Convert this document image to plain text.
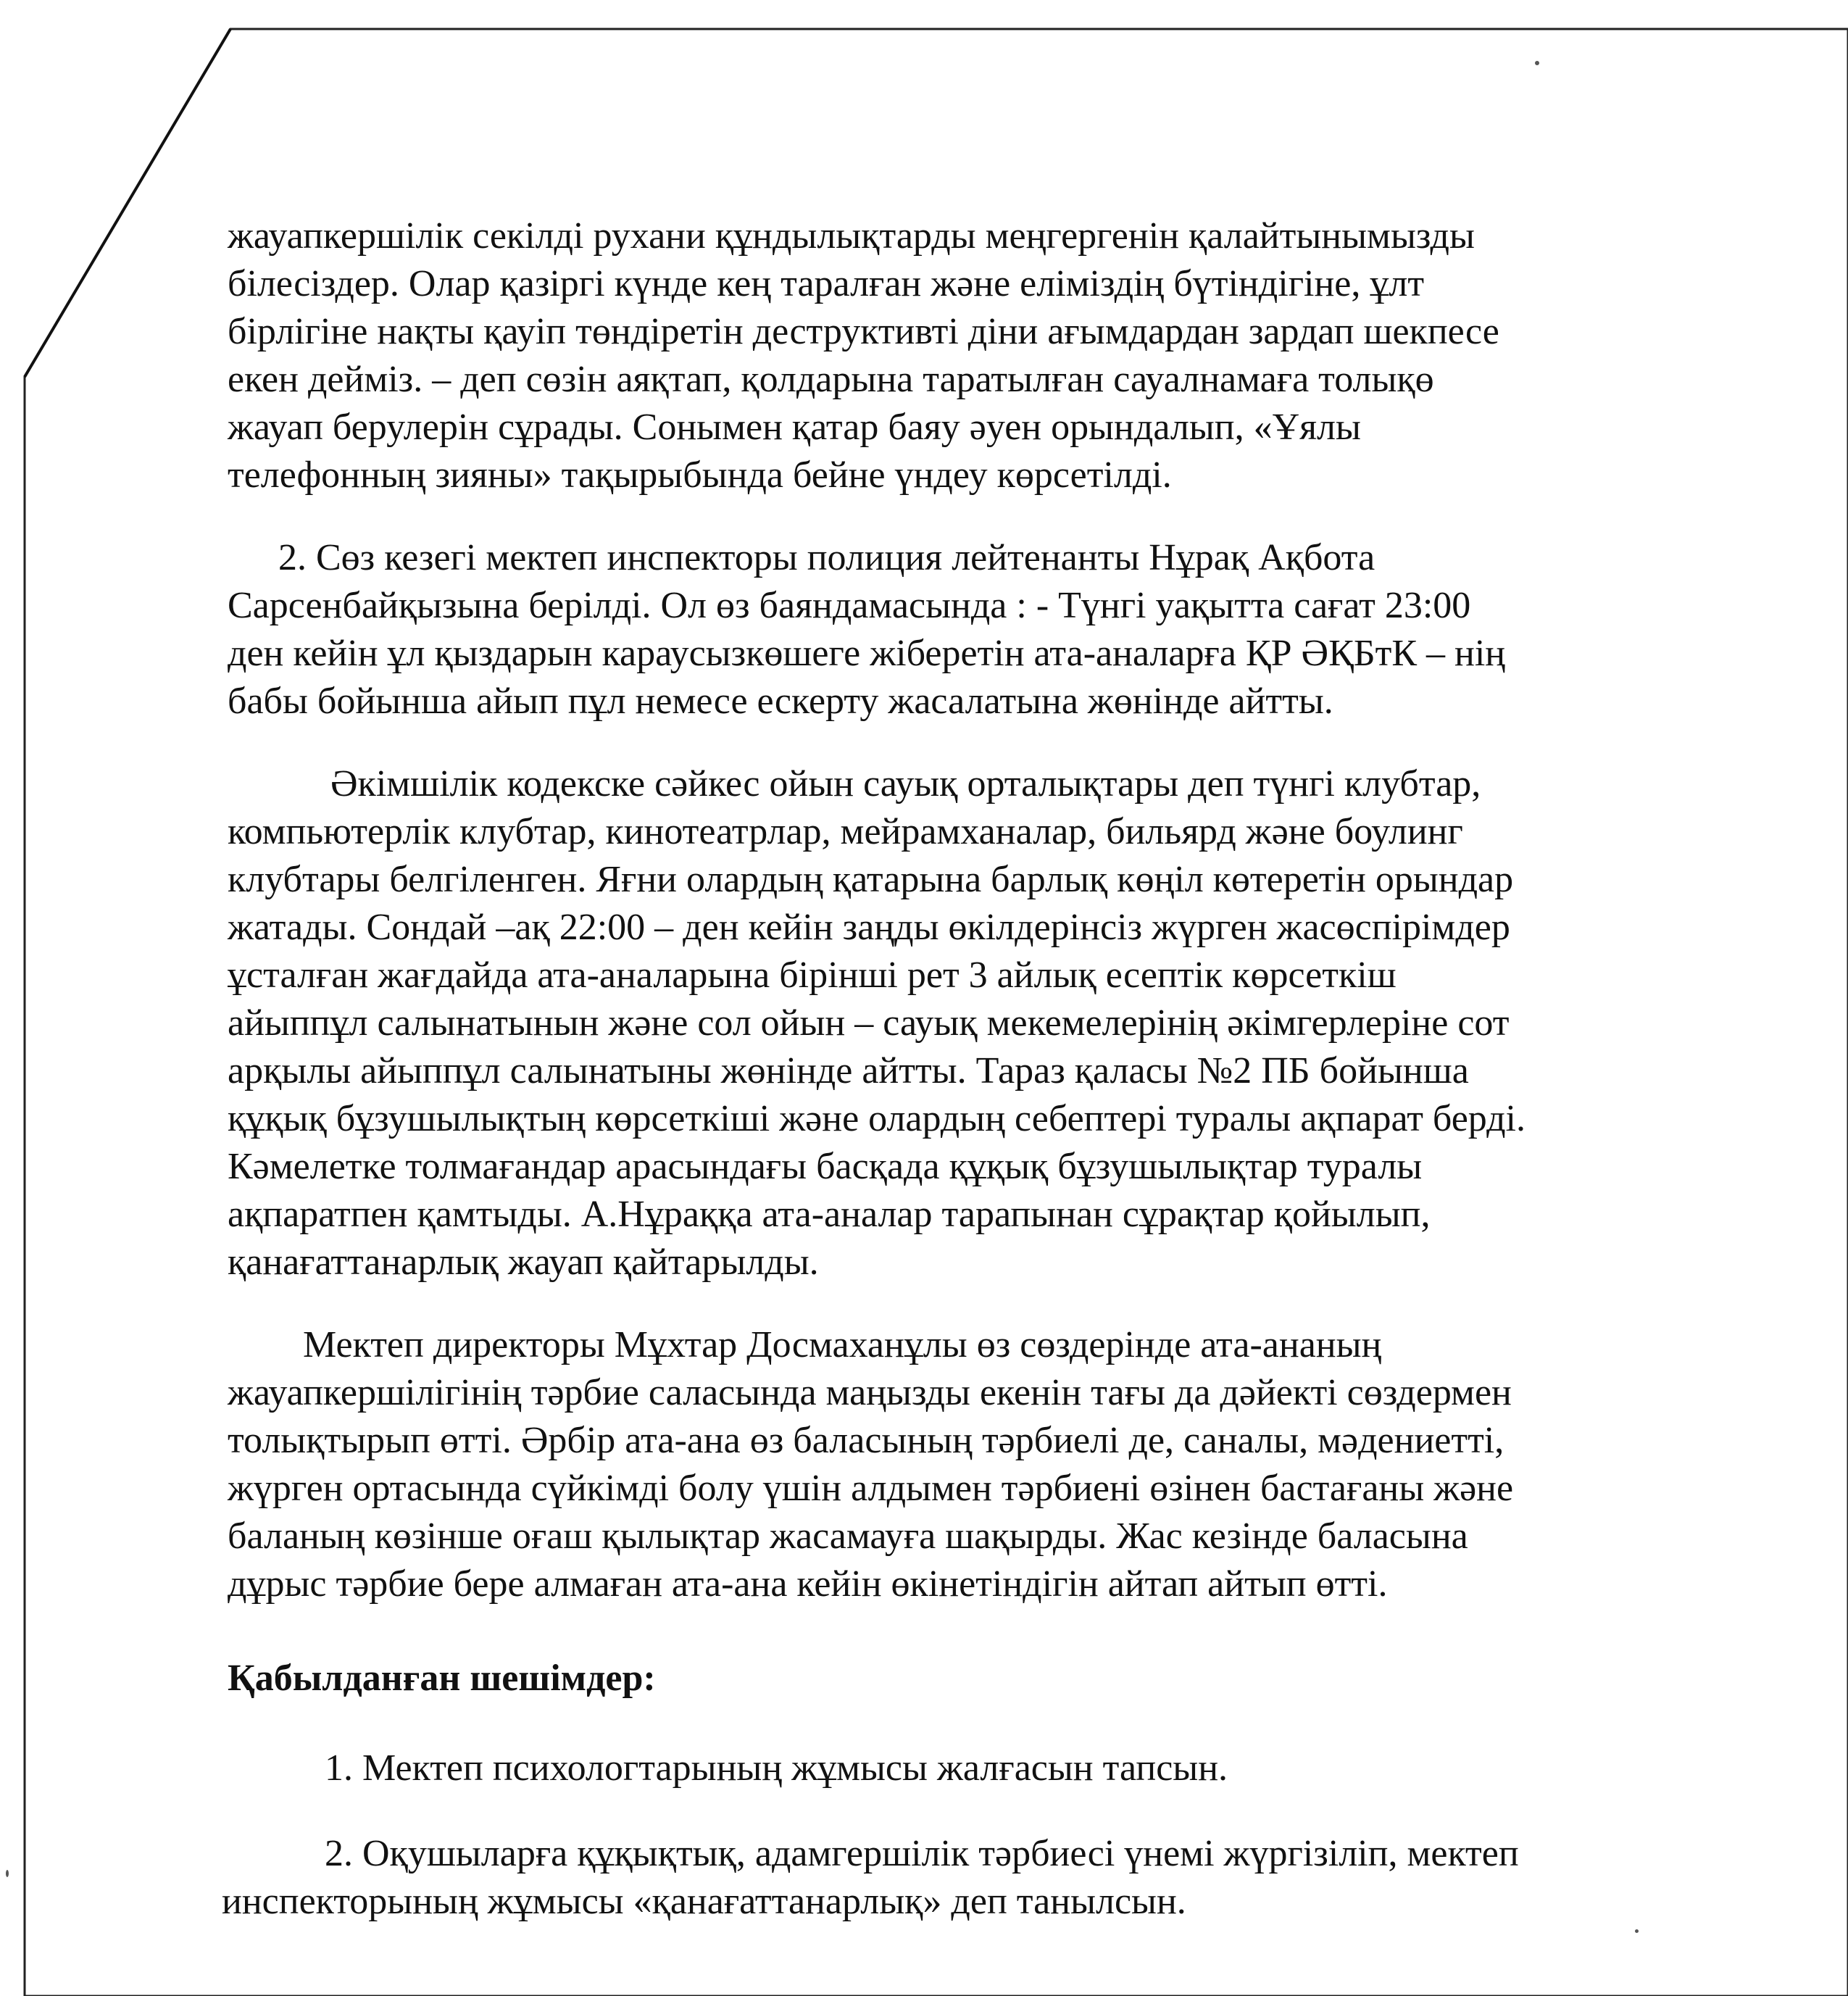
жауапкершілік секілді рухани құндылықтарды меңгергенін қалайтынымызды
білесіздер. Олар қазіргі күнде кең таралған және еліміздің бүтіндігіне, ұлт
бірлігіне нақты қауіп төндіретін деструктивті діни ағымдардан зардап шекпесе
екен дейміз. – деп сөзін аяқтап, қолдарына таратылған сауалнамаға толықө
жауап берулерін сұрады. Сонымен қатар баяу әуен орындалып, «Ұялы
телефонның зияны» тақырыбында бейне үндеу көрсетілді.
2. Сөз кезегі мектеп инспекторы полиция лейтенанты Нұрақ Ақбота
Сарсенбайқызына берілді. Ол өз баяндамасында : - Түнгі уақытта сағат 23:00
ден кейін ұл қыздарын караусызкөшеге жіберетін ата-аналарға ҚР ӘҚБтК – нің
бабы бойынша айып пұл немесе ескерту жасалатына жөнінде айтты.
Әкімшілік кодекске сәйкес ойын сауық орталықтары деп түнгі клубтар,
компьютерлік клубтар, кинотеатрлар, мейрамханалар, бильярд және боулинг
клубтары белгіленген. Яғни олардың қатарына барлық көңіл көтеретін орындар
жатады. Сондай –ақ 22:00 – ден кейін заңды өкілдерінсіз жүрген жасөспірімдер
ұсталған жағдайда ата-аналарына бірінші рет 3 айлық есептік көрсеткіш
айыппұл салынатынын және сол ойын – сауық мекемелерінің әкімгерлеріне сот
арқылы айыппұл салынатыны жөнінде айтты. Тараз қаласы №2 ПБ бойынша
құқық бұзушылықтың көрсеткіші және олардың себептері туралы ақпарат берді.
Кәмелетке толмағандар арасындағы басқада құқық бұзушылықтар туралы
ақпаратпен қамтыды. А.Нұраққа ата-аналар тарапынан сұрақтар қойылып,
қанағаттанарлық жауап қайтарылды.
Мектеп директоры Мұхтар Досмаханұлы өз сөздерінде ата-ананың
жауапкершілігінің тәрбие саласында маңызды екенін тағы да дәйекті сөздермен
толықтырып өтті. Әрбір ата-ана өз баласының тәрбиелі де, саналы, мәдениетті,
жүрген ортасында сүйкімді болу үшін алдымен тәрбиені өзінен бастағаны және
баланың көзінше оғаш қылықтар жасамауға шақырды. Жас кезінде баласына
дұрыс тәрбие бере алмаған ата-ана кейін өкінетіндігін айтап айтып өтті.
Қабылданған шешімдер:
1. Мектеп психологтарының жұмысы жалғасын тапсын.
2. Оқушыларға құқықтық, адамгершілік тәрбиесі үнемі жүргізіліп, мектеп
инспекторының жұмысы «қанағаттанарлық» деп танылсын.
